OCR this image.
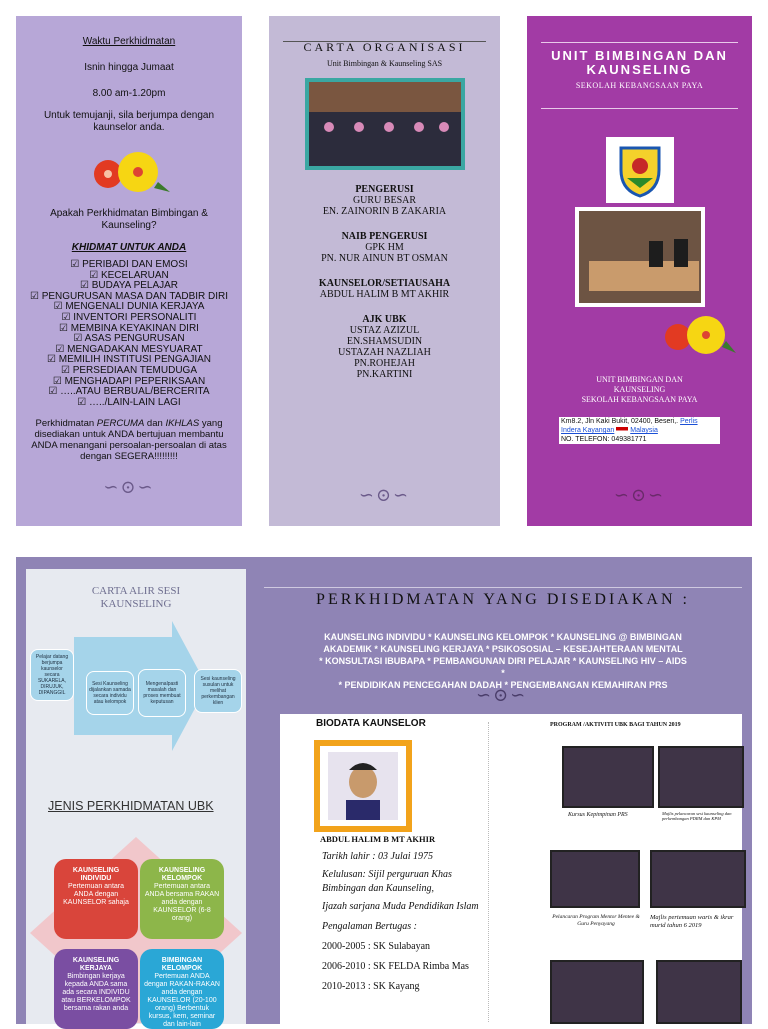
Waktu Perkhidmatan
Isnin hingga Jumaat
8.00 am-1.20pm
Untuk temujanji, sila berjumpa dengan kaunselor anda.
Apakah Perkhidmatan Bimbingan & Kaunseling?
KHIDMAT UNTUK ANDA
☑ PERIBADI DAN EMOSI
☑ KECELARUAN
☑ BUDAYA PELAJAR
☑ PENGURUSAN MASA DAN TADBIR DIRI
☑ MENGENALI DUNIA KERJAYA
☑ INVENTORI PERSONALITI
☑ MEMBINA KEYAKINAN DIRI
☑ ASAS PENGURUSAN
☑ MENGADAKAN MESYUARAT
☑ MEMILIH INSTITUSI PENGAJIAN
☑ PERSEDIAAN TEMUDUGA
☑ MENGHADAPI PEPERIKSAAN
☑ …..ATAU BERBUAL/BERCERITA
☑ …../LAIN-LAIN LAGI
Perkhidmatan PERCUMA dan IKHLAS yang disediakan untuk ANDA bertujuan membantu ANDA menangani persoalan-persoalan di atas dengan SEGERA!!!!!!!!!
∽⊙∽
CARTA ORGANISASI
Unit Bimbingan & Kaunseling SAS
PENGERUSI
GURU BESAR
EN. ZAINORIN B ZAKARIA
NAIB PENGERUSI
GPK HM
PN. NUR AINUN BT OSMAN
KAUNSELOR/SETIAUSAHA
ABDUL HALIM B MT AKHIR
AJK UBK
USTAZ AZIZUL
EN.SHAMSUDIN
USTAZAH NAZLIAH
PN.ROHEJAH
PN.KARTINI
∽⊙∽
UNIT BIMBINGAN DAN KAUNSELING
SEKOLAH KEBANGSAAN PAYA
UNIT BIMBINGAN DAN
KAUNSELING
SEKOLAH KEBANGSAAN PAYA
Km8.2, Jln Kaki Bukit, 02400, Beseri,. Perlis Indera Kayangan Malaysia
NO. TELEFON: 049381771
∽⊙∽
CARTA ALIR SESI KAUNSELING
Pelajar datang berjumpa kaunselor secara SUKARELA, DIRUJUK, DIPANGGIL
Sesi Kaunseling dijalankan samada secara individu atau kelompok
Mengenalpasti masalah dan proses membuat keputusan
Sesi kaunseling susulan untuk melihat perkembangan klien
JENIS PERKHIDMATAN UBK
KAUNSELING INDIVIDU
Pertemuan antara ANDA dengan KAUNSELOR sahaja
KAUNSELING KELOMPOK
Pertemuan antara ANDA bersama RAKAN anda dengan KAUNSELOR (6-8 orang)
KAUNSELING KERJAYA
Bimbingan kerjaya kepada ANDA sama ada secara INDIVIDU atau BERKELOMPOK bersama rakan anda
BIMBINGAN KELOMPOK
Pertemuan ANDA dengan RAKAN-RAKAN anda dengan KAUNSELOR (20-100 orang) Berbentuk kursus, kem, seminar dan lain-lain
PERKHIDMATAN YANG DISEDIAKAN :
KAUNSELING INDIVIDU * KAUNSELING KELOMPOK * KAUNSELING @ BIMBINGAN
AKADEMIK * KAUNSELING KERJAYA * PSIKOSOSIAL – KESEJAHTERAAN MENTAL
* KONSULTASI IBUBAPA * PEMBANGUNAN DIRI PELAJAR * KAUNSELING HIV – AIDS
*
* PENDIDIKAN PENCEGAHAN DADAH * PENGEMBANGAN KEMAHIRAN PRS
∽⊙∽
BIODATA KAUNSELOR
ABDUL HALIM B MT AKHIR
Tarikh lahir : 03 Julai 1975
Kelulusan: Sijil perguruan Khas Bimbingan dan Kaunseling,
Ijazah sarjana Muda Pendidikan Islam
Pengalaman Bertugas :
2000-2005 : SK Sulabayan
2006-2010 : SK FELDA Rimba Mas
2010-2013 : SK Kayang
PROGRAM /AKTIVITI UBK BAGI TAHUN 2019
Kursus Kepimpinan PRS	Majlis pelancaran sesi kaunseling dan perkembangan PDRM dan KPM
Pelancaran Program Mentor Mentee & Guru Penyayang
Majlis pertemuan waris & ikrar murid tahun 6 2019
